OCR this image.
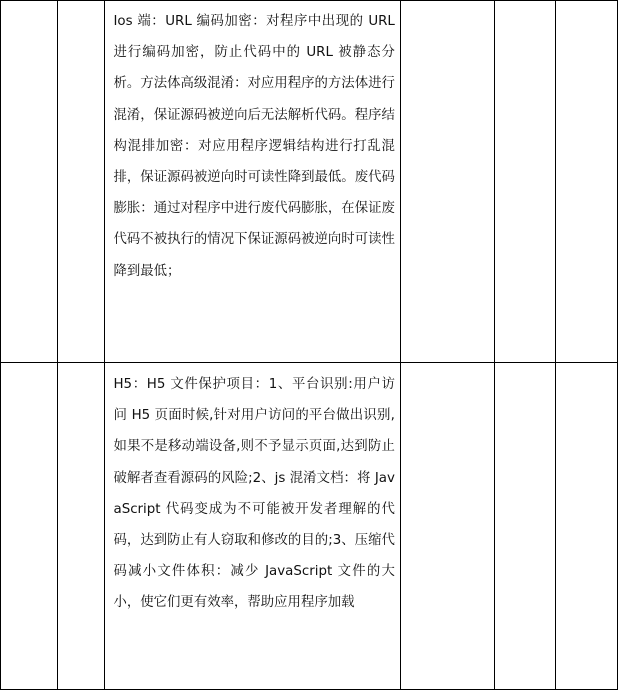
		Ios 端：URL 编码加密：对程序中出现的 URL 进行编码加密，防止代码中的 URL 被静态分析。方法体高级混淆：对应用程序的方法体进行混淆，保证源码被逆向后无法解析代码。程序结构混排加密：对应用程序逻辑结构进行打乱混排，保证源码被逆向时可读性降到最低。废代码膨胀：通过对程序中进行废代码膨胀，在保证废代码不被执行的情况下保证源码被逆向时可读性降到最低；			

		H5：H5 文件保护项目：1、平台识别:用户访问 H5 页面时候,针对用户访问的平台做出识别,如果不是移动端设备,则不予显示页面,达到防止破解者查看源码的风险;2、js 混淆文档：将 JavaScript 代码变成为不可能被开发者理解的代码，达到防止有人窃取和修改的目的;3、压缩代码减小文件体积：减少 JavaScript 文件的大小，使它们更有效率，帮助应用程序加载			
